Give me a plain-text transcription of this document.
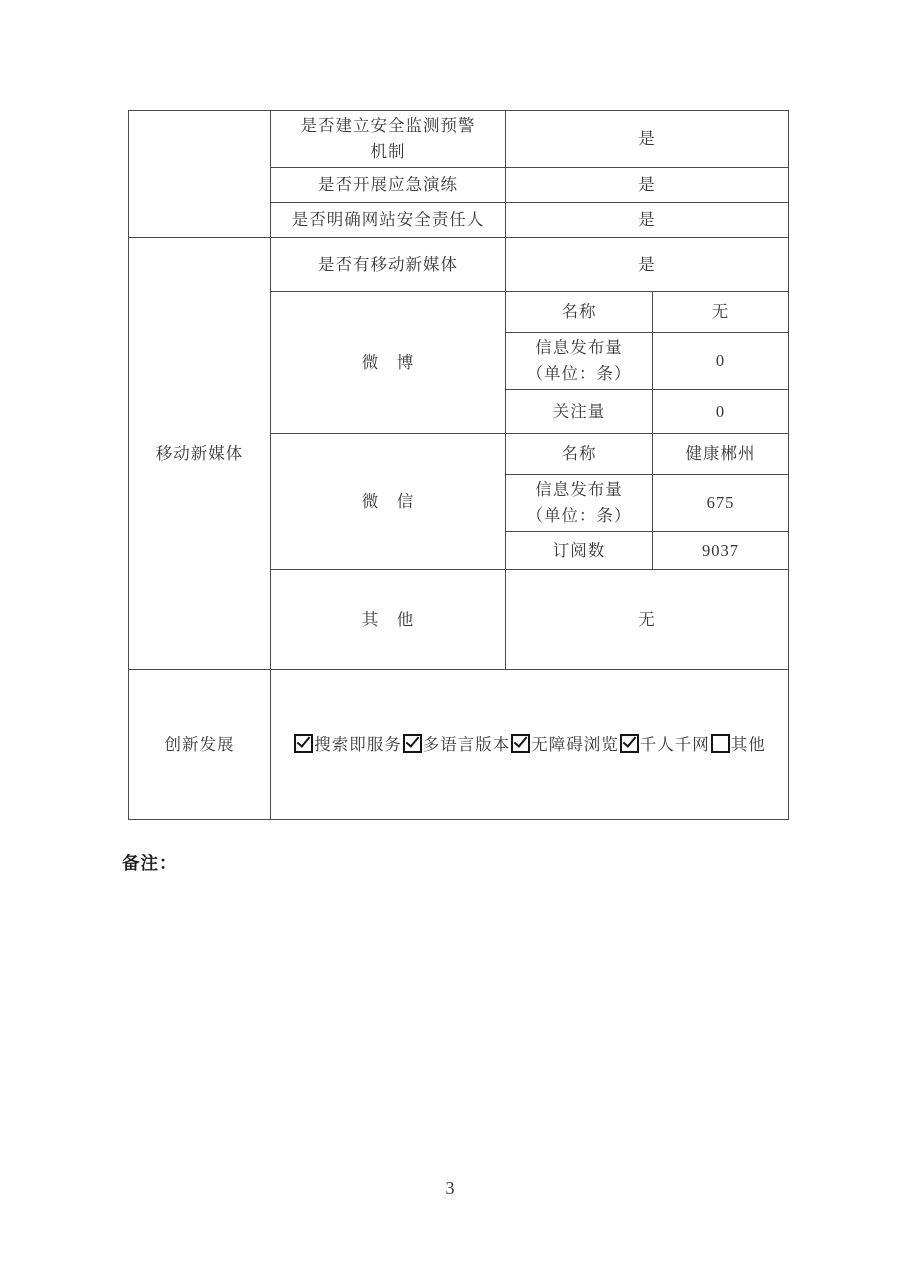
	是否建立安全监测预警机制	是	
	是否开展应急演练	是	
	是否明确网站安全责任人	是	
移动新媒体	是否有移动新媒体	是	
	微　博	名称	无

		信息发布量
（单位：条）	0
		关注量	0
	微　信	名称	健康郴州

		信息发布量
（单位：条）	675
		订阅数	9037
	其　他	无	
创新发展	搜索即服务 多语言版本 无障碍浏览 千人千网 其他		
备注：
3
